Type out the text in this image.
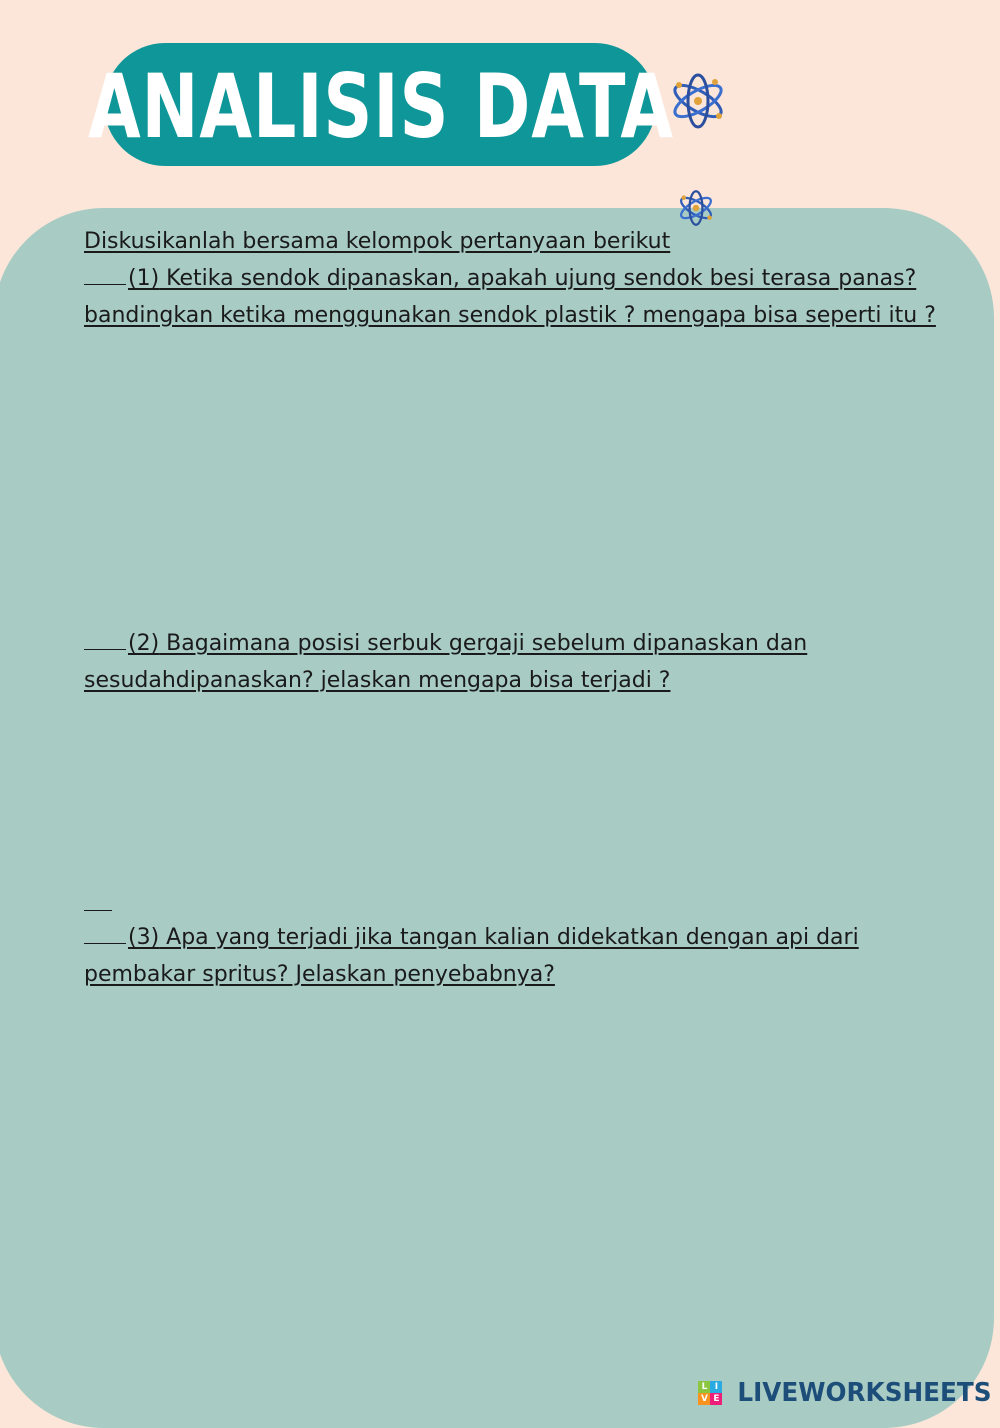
ANALISIS DATA
Diskusikanlah bersama kelompok pertanyaan berikut
(1) Ketika sendok dipanaskan, apakah ujung sendok besi terasa panas? bandingkan ketika menggunakan sendok plastik ? mengapa bisa seperti itu ?
(2) Bagaimana posisi serbuk gergaji sebelum dipanaskan dan sesudahdipanaskan? jelaskan mengapa bisa terjadi ?
(3) Apa yang terjadi jika tangan kalian didekatkan dengan api dari pembakar spritus? Jelaskan penyebabnya?
L I
V E LIVEWORKSHEETS
